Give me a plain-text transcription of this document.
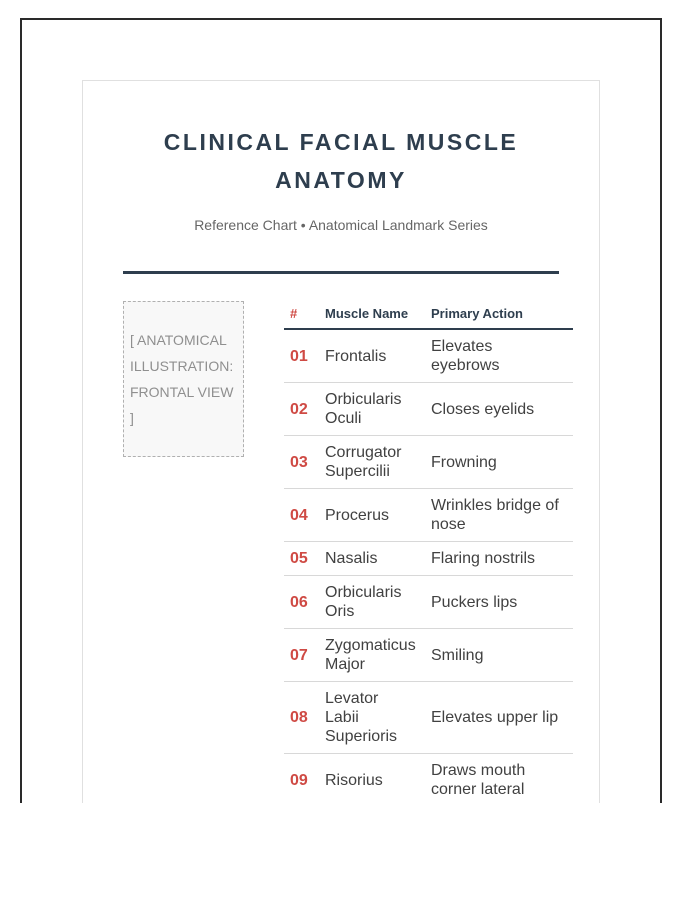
CLINICAL FACIAL MUSCLE ANATOMY

Reference Chart • Anatomical Landmark Series

[ ANATOMICAL ILLUSTRATION: FRONTAL VIEW ]
#	Muscle Name	Primary Action
01	Frontalis	Elevates eyebrows
02	Orbicularis Oculi	Closes eyelids
03	Corrugator Supercilii	Frowning
04	Procerus	Wrinkles bridge of nose
05	Nasalis	Flaring nostrils
06	Orbicularis Oris	Puckers lips
07	Zygomaticus Major	Smiling
08	Levator Labii Superioris	Elevates upper lip
09	Risorius	Draws mouth corner lateral
